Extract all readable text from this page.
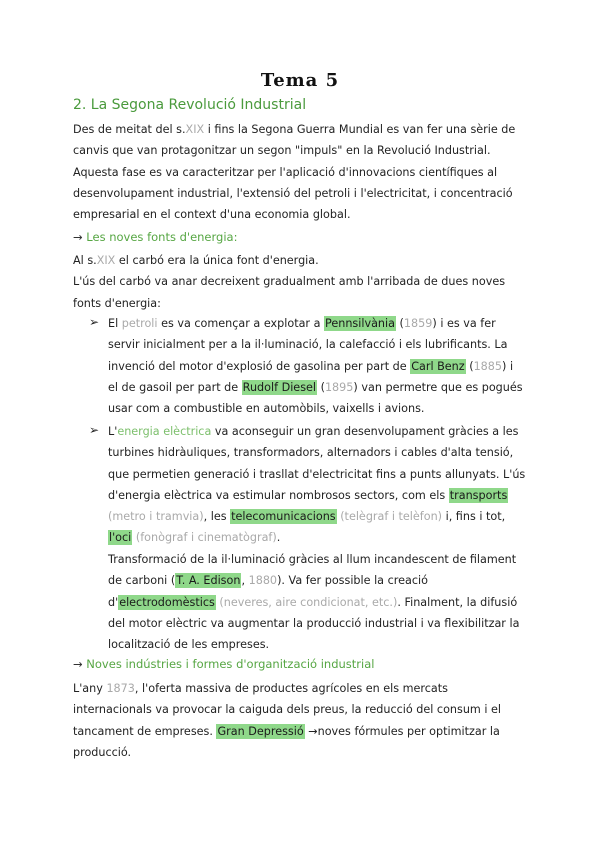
Tema 5
2. La Segona Revolució Industrial
Des de meitat del s.XIX i fins la Segona Guerra Mundial es van fer una sèrie de canvis que van protagonitzar un segon "impuls" en la Revolució Industrial. Aquesta fase es va caracteritzar per l'aplicació d'innovacions científiques al desenvolupament industrial, l'extensió del petroli i l'electricitat, i concentració empresarial en el context d'una economia global.
→ Les noves fonts d'energia:
Al s.XIX el carbó era la única font d'energia.
L'ús del carbó va anar decreixent gradualment amb l'arribada de dues noves fonts d'energia:
➢ El petroli es va començar a explotar a Pennsilvània (1859) i es va fer servir inicialment per a la il·luminació, la calefacció i els lubrificants. La invenció del motor d'explosió de gasolina per part de Carl Benz (1885) i el de gasoil per part de Rudolf Diesel (1895) van permetre que es pogués usar com a combustible en automòbils, vaixells i avions.
➢ L'energia elèctrica va aconseguir un gran desenvolupament gràcies a les turbines hidràuliques, transformadors, alternadors i cables d'alta tensió, que permetien generació i trasllat d'electricitat fins a punts allunyats. L'ús d'energia elèctrica va estimular nombrosos sectors, com els transports (metro i tramvia), les telecomunicacions (telègraf i telèfon) i, fins i tot, l'oci (fonògraf i cinematògraf).
Transformació de la il·luminació gràcies al llum incandescent de filament de carboni (T. A. Edison, 1880). Va fer possible la creació d'electrodomèstics (neveres, aire condicionat, etc.). Finalment, la difusió del motor elèctric va augmentar la producció industrial i va flexibilitzar la localització de les empreses.
→ Noves indústries i formes d'organització industrial
L'any 1873, l'oferta massiva de productes agrícoles en els mercats internacionals va provocar la caiguda dels preus, la reducció del consum i el tancament de empreses. Gran Depressió →noves fórmules per optimitzar la producció.
